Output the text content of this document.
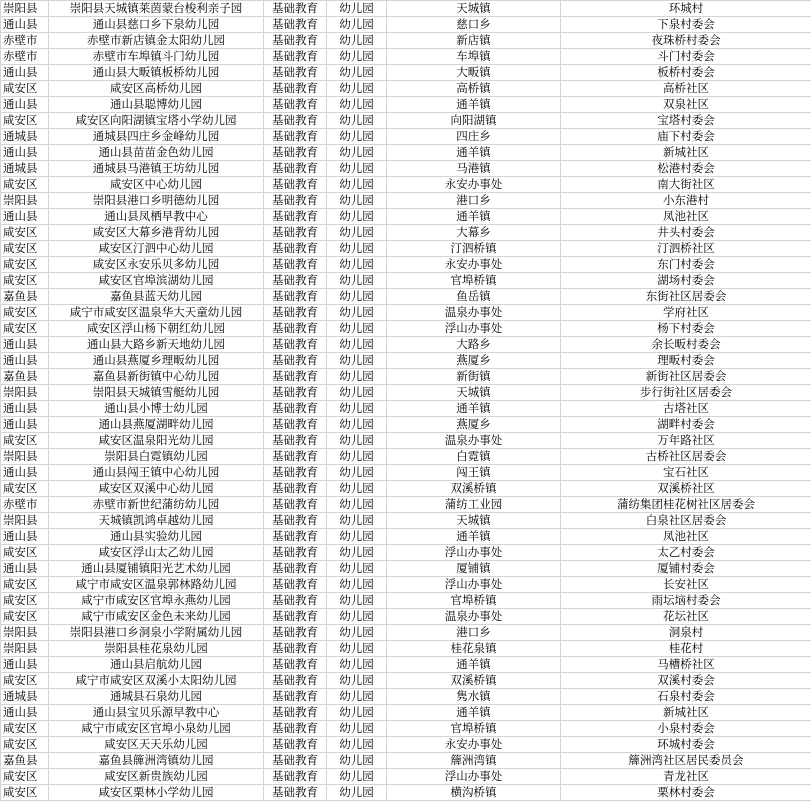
崇阳县	崇阳县天城镇莱茵蒙台梭利亲子园	基础教育	幼儿园	天城镇	环城村
通山县	通山县慈口乡下泉幼儿园	基础教育	幼儿园	慈口乡	下泉村委会
赤壁市	赤壁市新店镇金太阳幼儿园	基础教育	幼儿园	新店镇	夜珠桥村委会
赤壁市	赤壁市车埠镇斗门幼儿园	基础教育	幼儿园	车埠镇	斗门村委会
通山县	通山县大畈镇板桥幼儿园	基础教育	幼儿园	大畈镇	板桥村委会
咸安区	咸安区高桥幼儿园	基础教育	幼儿园	高桥镇	高桥社区
通山县	通山县聪博幼儿园	基础教育	幼儿园	通羊镇	双泉社区
咸安区	咸安区向阳湖镇宝塔小学幼儿园	基础教育	幼儿园	向阳湖镇	宝塔村委会
通城县	通城县四庄乡金峰幼儿园	基础教育	幼儿园	四庄乡	庙下村委会
通山县	通山县苗苗金色幼儿园	基础教育	幼儿园	通羊镇	新城社区
通城县	通城县马港镇王坊幼儿园	基础教育	幼儿园	马港镇	松港村委会
咸安区	咸安区中心幼儿园	基础教育	幼儿园	永安办事处	南大街社区
崇阳县	崇阳县港口乡明德幼儿园	基础教育	幼儿园	港口乡	小东港村
通山县	通山县凤栖早教中心	基础教育	幼儿园	通羊镇	凤池社区
咸安区	咸安区大幕乡港背幼儿园	基础教育	幼儿园	大幕乡	井头村委会
咸安区	咸安区汀泗中心幼儿园	基础教育	幼儿园	汀泗桥镇	汀泗桥社区
咸安区	咸安区永安乐贝多幼儿园	基础教育	幼儿园	永安办事处	东门村委会
咸安区	咸安区官埠滨湖幼儿园	基础教育	幼儿园	官埠桥镇	湖场村委会
嘉鱼县	嘉鱼县蓝天幼儿园	基础教育	幼儿园	鱼岳镇	东街社区居委会
咸安区	咸宁市咸安区温泉华大天童幼儿园	基础教育	幼儿园	温泉办事处	学府社区
咸安区	咸安区浮山杨下朝红幼儿园	基础教育	幼儿园	浮山办事处	杨下村委会
通山县	通山县大路乡新天地幼儿园	基础教育	幼儿园	大路乡	余长畈村委会
通山县	通山县燕厦乡理畈幼儿园	基础教育	幼儿园	燕厦乡	理畈村委会
嘉鱼县	嘉鱼县新街镇中心幼儿园	基础教育	幼儿园	新街镇	新街社区居委会
崇阳县	崇阳县天城镇雪艇幼儿园	基础教育	幼儿园	天城镇	步行街社区居委会
通山县	通山县小博士幼儿园	基础教育	幼儿园	通羊镇	古塔社区
通山县	通山县燕厦湖畔幼儿园	基础教育	幼儿园	燕厦乡	湖畔村委会
咸安区	咸安区温泉阳光幼儿园	基础教育	幼儿园	温泉办事处	万年路社区
崇阳县	崇阳县白霓镇幼儿园	基础教育	幼儿园	白霓镇	古桥社区居委会
通山县	通山县闯王镇中心幼儿园	基础教育	幼儿园	闯王镇	宝石社区
咸安区	咸安区双溪中心幼儿园	基础教育	幼儿园	双溪桥镇	双溪桥社区
赤壁市	赤壁市新世纪蒲纺幼儿园	基础教育	幼儿园	蒲纺工业园	蒲纺集团桂花树社区居委会
崇阳县	天城镇凯鸿卓越幼儿园	基础教育	幼儿园	天城镇	白泉社区居委会
通山县	通山县实验幼儿园	基础教育	幼儿园	通羊镇	凤池社区
咸安区	咸安区浮山太乙幼儿园	基础教育	幼儿园	浮山办事处	太乙村委会
通山县	通山县厦铺镇阳光艺术幼儿园	基础教育	幼儿园	厦铺镇	厦铺村委会
咸安区	咸宁市咸安区温泉郭林路幼儿园	基础教育	幼儿园	浮山办事处	长安社区
咸安区	咸宁市咸安区官埠永燕幼儿园	基础教育	幼儿园	官埠桥镇	雨坛垴村委会
咸安区	咸宁市咸安区金色未来幼儿园	基础教育	幼儿园	温泉办事处	花坛社区
崇阳县	崇阳县港口乡洞泉小学附属幼儿园	基础教育	幼儿园	港口乡	洞泉村
崇阳县	崇阳县桂花泉幼儿园	基础教育	幼儿园	桂花泉镇	桂花村
通山县	通山县启航幼儿园	基础教育	幼儿园	通羊镇	马槽桥社区
咸安区	咸宁市咸安区双溪小太阳幼儿园	基础教育	幼儿园	双溪桥镇	双溪村委会
通城县	通城县石泉幼儿园	基础教育	幼儿园	隽水镇	石泉村委会
通山县	通山县宝贝乐源早教中心	基础教育	幼儿园	通羊镇	新城社区
咸安区	咸宁市咸安区官埠小泉幼儿园	基础教育	幼儿园	官埠桥镇	小泉村委会
咸安区	咸安区天天乐幼儿园	基础教育	幼儿园	永安办事处	环城村委会
嘉鱼县	嘉鱼县簰洲湾镇幼儿园	基础教育	幼儿园	簰洲湾镇	簰洲湾社区居民委员会
咸安区	咸安区新贵族幼儿园	基础教育	幼儿园	浮山办事处	青龙社区
咸安区	咸安区栗林小学幼儿园	基础教育	幼儿园	横沟桥镇	栗林村委会
